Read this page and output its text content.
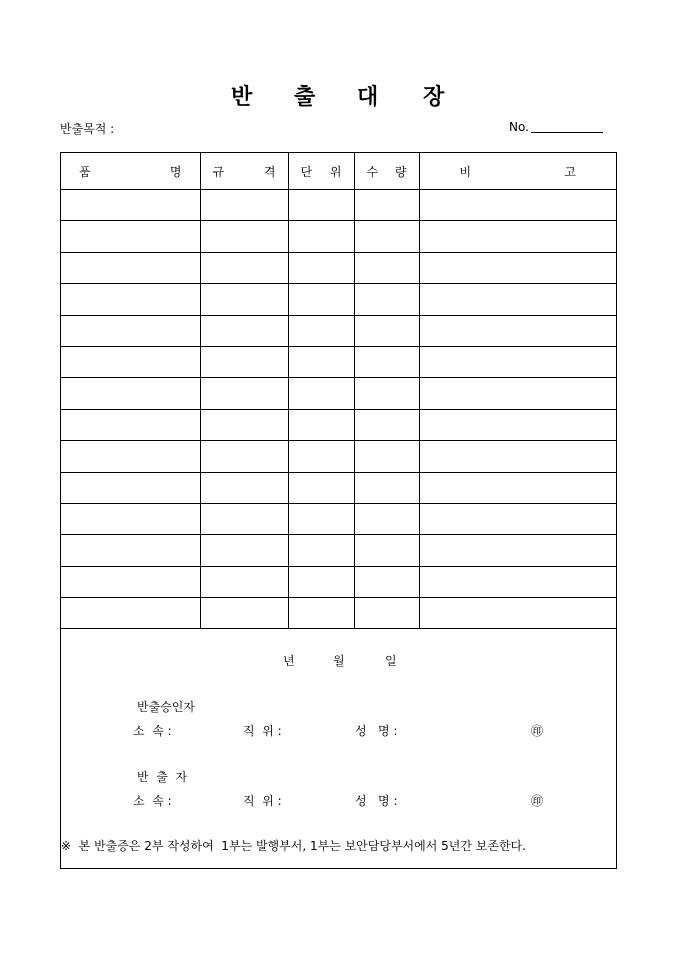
반 출 대 장
반출목적 :	No.
품 명	규 격	단 위	수 량	비 고

년	월	일
반출승인자
소  속 :	직  위 :	성   명 :	㊞
반  출  자
소  속 :	직  위 :	성   명 :	㊞
※  본 반출증은 2부 작성하여  1부는 발행부서, 1부는 보안담당부서에서 5년간 보존한다.
